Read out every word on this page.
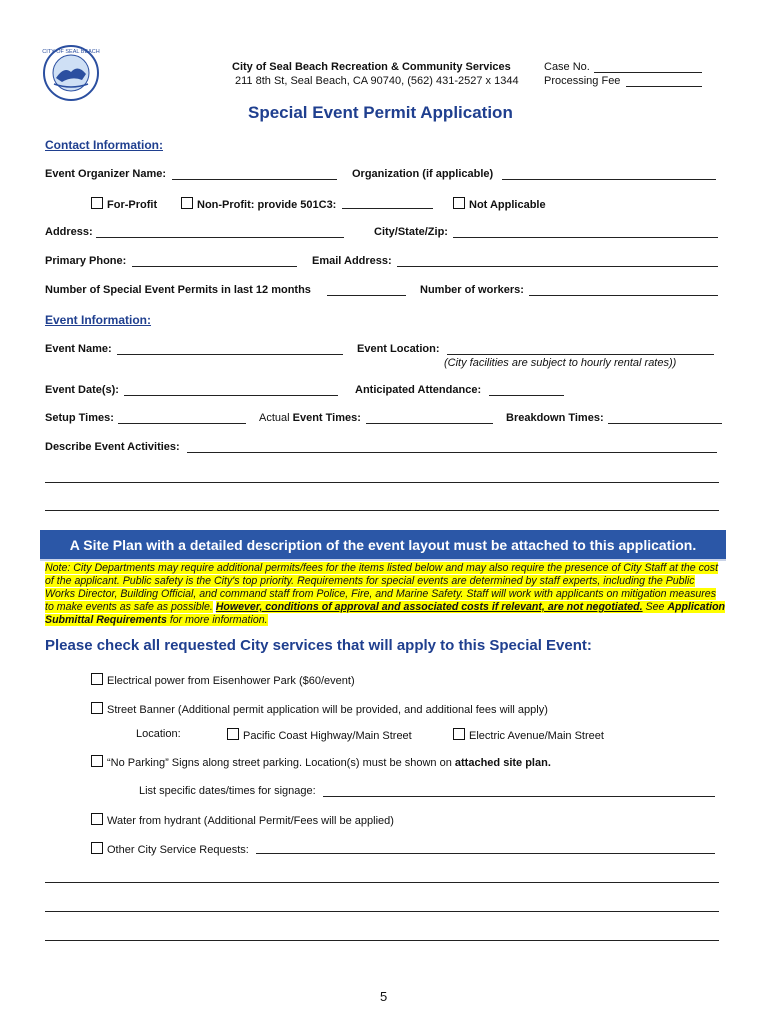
CITY OF SEAL BEACH
City of Seal Beach Recreation & Community Services
211 8th St, Seal Beach, CA 90740, (562) 431-2527 x 1344
Case No.
Processing Fee
Special Event Permit Application
Contact Information:
Event Organizer Name:	Organization (if applicable)
For-Profit	Non-Profit: provide 501C3:	Not Applicable
Address:	City/State/Zip:
Primary Phone:	Email Address:
Number of Special Event Permits in last 12 months	Number of workers:
Event Information:
Event Name:	Event Location:
(City facilities are subject to hourly rental rates))
Event Date(s):	Anticipated Attendance:
Setup Times:	Actual Event Times:	Breakdown Times:
Describe Event Activities:
A Site Plan with a detailed description of the event layout must be attached to this application.
Note: City Departments may require additional permits/fees for the items listed below and may also require the presence of City Staff at the cost of the applicant. Public safety is the City's top priority. Requirements for special events are determined by staff experts, including the Public Works Director, Building Official, and command staff from Police, Fire, and Marine Safety. Staff will work with applicants on mitigation measures to make events as safe as possible. However, conditions of approval and associated costs if relevant, are not negotiated. See Application Submittal Requirements for more information.
Please check all requested City services that will apply to this Special Event:
Electrical power from Eisenhower Park ($60/event)
Street Banner (Additional permit application will be provided, and additional fees will apply)
Location:	Pacific Coast Highway/Main Street	Electric Avenue/Main Street
“No Parking” Signs along street parking. Location(s) must be shown on attached site plan.
List specific dates/times for signage:
Water from hydrant (Additional Permit/Fees will be applied)
Other City Service Requests:
5
